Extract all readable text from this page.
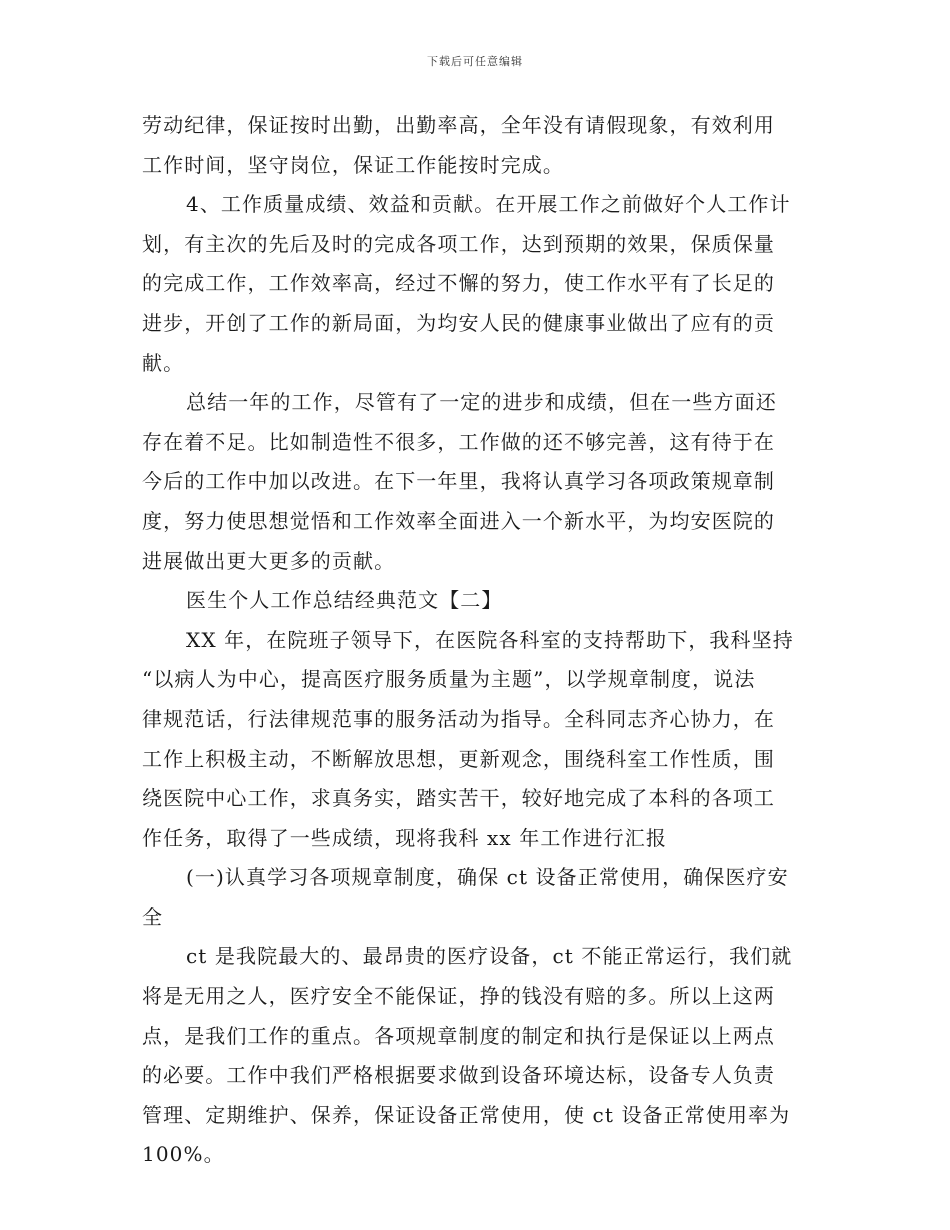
下载后可任意编辑
劳动纪律，保证按时出勤，出勤率高，全年没有请假现象，有效利用
工作时间，坚守岗位，保证工作能按时完成。
4、工作质量成绩、效益和贡献。在开展工作之前做好个人工作计
划，有主次的先后及时的完成各项工作，达到预期的效果，保质保量
的完成工作，工作效率高，经过不懈的努力，使工作水平有了长足的
进步，开创了工作的新局面，为均安人民的健康事业做出了应有的贡
献。
总结一年的工作，尽管有了一定的进步和成绩，但在一些方面还
存在着不足。比如制造性不很多，工作做的还不够完善，这有待于在
今后的工作中加以改进。在下一年里，我将认真学习各项政策规章制
度，努力使思想觉悟和工作效率全面进入一个新水平，为均安医院的
进展做出更大更多的贡献。
医生个人工作总结经典范文【二】
XX 年，在院班子领导下，在医院各科室的支持帮助下，我科坚持
“以病人为中心，提高医疗服务质量为主题”，以学规章制度，说法
律规范话，行法律规范事的服务活动为指导。全科同志齐心协力，在
工作上积极主动，不断解放思想，更新观念，围绕科室工作性质，围
绕医院中心工作，求真务实，踏实苦干，较好地完成了本科的各项工
作任务，取得了一些成绩，现将我科 xx 年工作进行汇报
(一)认真学习各项规章制度，确保 ct 设备正常使用，确保医疗安
全
ct 是我院最大的、最昂贵的医疗设备，ct 不能正常运行，我们就
将是无用之人，医疗安全不能保证，挣的钱没有赔的多。所以上这两
点，是我们工作的重点。各项规章制度的制定和执行是保证以上两点
的必要。工作中我们严格根据要求做到设备环境达标，设备专人负责
管理、定期维护、保养，保证设备正常使用，使 ct 设备正常使用率为
100%。
